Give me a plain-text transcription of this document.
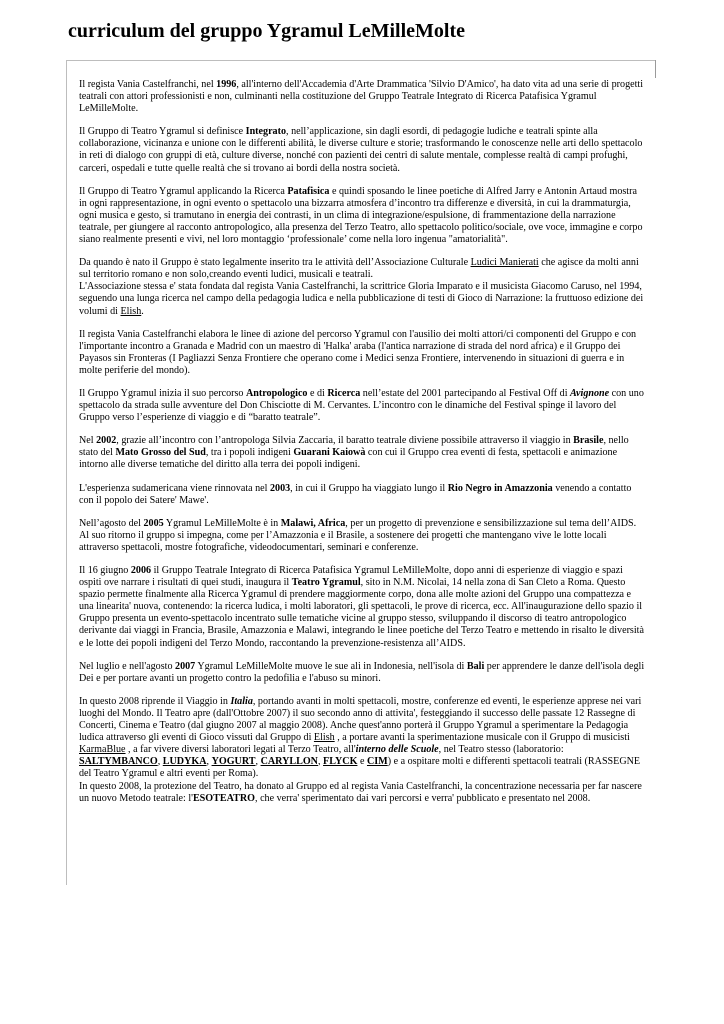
curriculum del gruppo Ygramul LeMilleMolte

Il regista Vania Castelfranchi, nel 1996, all'interno dell'Accademia d'Arte Drammatica 'Silvio D'Amico', ha dato vita ad una serie di progetti teatrali con attori professionisti e non, culminanti nella costituzione del Gruppo Teatrale Integrato di Ricerca Patafisica Ygramul LeMilleMolte.

Il Gruppo di Teatro Ygramul si definisce Integrato, nell’applicazione, sin dagli esordi, di pedagogie ludiche e teatrali spinte alla collaborazione, vicinanza e unione con le differenti abilità, le diverse culture e storie; trasformando le conoscenze nelle arti dello spettacolo in reti di dialogo con gruppi di età, culture diverse, nonché con pazienti dei centri di salute mentale, complesse realtà di campi profughi, carceri, ospedali e tutte quelle realtà che si trovano ai bordi della nostra società.

Il Gruppo di Teatro Ygramul applicando la Ricerca Patafisica e quindi sposando le linee poetiche di Alfred Jarry e Antonin Artaud mostra in ogni rappresentazione, in ogni evento o spettacolo una bizzarra atmosfera d’incontro tra differenze e diversità, in cui la drammaturgia, ogni musica e gesto, si tramutano in energia dei contrasti, in un clima di integrazione/espulsione, di frammentazione della narrazione teatrale, per giungere al racconto antropologico, alla presenza del Terzo Teatro, allo spettacolo politico/sociale, ove voce, immagine e corpo siano realmente presenti e vivi, nel loro montaggio ‘professionale’ come nella loro ingenua "amatorialità".

Da quando è nato il Gruppo è stato legalmente inserito tra le attività dell’Associazione Culturale Ludici Manierati che agisce da molti anni sul territorio romano e non solo,creando eventi ludici, musicali e teatrali.
L'Associazione stessa e' stata fondata dal regista Vania Castelfranchi, la scrittrice Gloria Imparato e il musicista Giacomo Caruso, nel 1994, seguendo una lunga ricerca nel campo della pedagogia ludica e nella pubblicazione di testi di Gioco di Narrazione: la fruttuoso edizione dei volumi di Elish.

Il regista Vania Castelfranchi elabora le linee di azione del percorso Ygramul con l'ausilio dei molti attori/ci componenti del Gruppo e con l'importante incontro a Granada e Madrid con un maestro di 'Halka' araba (l'antica narrazione di strada del nord africa) e il Gruppo dei Payasos sin Fronteras (I Pagliazzi Senza Frontiere che operano come i Medici senza Frontiere, intervenendo in situazioni di guerra e in molte periferie del mondo).

Il Gruppo Ygramul inizia il suo percorso Antropologico e di Ricerca nell’estate del 2001 partecipando al Festival Off di Avignone con uno spettacolo da strada sulle avventure del Don Chisciotte di M. Cervantes. L’incontro con le dinamiche del Festival spinge il lavoro del Gruppo verso l’esperienze di viaggio e di “baratto teatrale”.

Nel 2002, grazie all’incontro con l’antropologa Silvia Zaccaria, il baratto teatrale diviene possibile attraverso il viaggio in Brasile, nello stato del Mato Grosso del Sud, tra i popoli indigeni Guarani Kaiowà con cui il Gruppo crea eventi di festa, spettacoli e animazione intorno alle diverse tematiche del diritto alla terra dei popoli indigeni.

L'esperienza sudamericana viene rinnovata nel 2003, in cui il Gruppo ha viaggiato lungo il Rio Negro in Amazzonia venendo a contatto con il popolo dei Satere' Mawe'.

Nell’agosto del 2005 Ygramul LeMilleMolte è in Malawi, Africa, per un progetto di prevenzione e sensibilizzazione sul tema dell’AIDS. Al suo ritorno il gruppo si impegna, come per l’Amazzonia e il Brasile, a sostenere dei progetti che mantengano vive le lotte locali attraverso spettacoli, mostre fotografiche, videodocumentari, seminari e conferenze.

Il 16 giugno 2006 il Gruppo Teatrale Integrato di Ricerca Patafisica Ygramul LeMilleMolte, dopo anni di esperienze di viaggio e spazi ospiti ove narrare i risultati di quei studi, inaugura il Teatro Ygramul, sito in N.M. Nicolai, 14 nella zona di San Cleto a Roma. Questo spazio permette finalmente alla Ricerca Ygramul di prendere maggiormente corpo, dona alle molte azioni del Gruppo una compattezza e una linearita' nuova, contenendo: la ricerca ludica, i molti laboratori, gli spettacoli, le prove di ricerca, ecc. All'inaugurazione dello spazio il Gruppo presenta un evento-spettacolo incentrato sulle tematiche vicine al gruppo stesso, sviluppando il discorso di teatro antropologico derivante dai viaggi in Francia, Brasile, Amazzonia e Malawi, integrando le linee poetiche del Terzo Teatro e mettendo in risalto le diversità e le lotte dei popoli indigeni del Terzo Mondo, raccontando la prevenzione-resistenza all’AIDS.

Nel luglio e nell'agosto 2007 Ygramul LeMilleMolte muove le sue ali in Indonesia, nell'isola di Bali per apprendere le danze dell'isola degli Dei e per portare avanti un progetto contro la pedofilia e l'abuso su minori.

In questo 2008 riprende il Viaggio in Italia, portando avanti in molti spettacoli, mostre, conferenze ed eventi, le esperienze apprese nei vari luoghi del Mondo. Il Teatro apre (dall'Ottobre 2007) il suo secondo anno di attivita', festeggiando il successo delle passate 12 Rassegne di Concerti, Cinema e Teatro (dal giugno 2007 al maggio 2008). Anche quest'anno porterà il Gruppo Ygramul a sperimentare la Pedagogia ludica attraverso gli eventi di Gioco vissuti dal Gruppo di Elish , a portare avanti la sperimentazione musicale con il Gruppo di musicisti KarmaBlue , a far vivere diversi laboratori legati al Terzo Teatro, all'interno delle Scuole, nel Teatro stesso (laboratorio: SALTYMBANCO, LUDYKA, YOGURT, CARYLLON, FLYCK e CIM) e a ospitare molti e differenti spettacoli teatrali (RASSEGNE del Teatro Ygramul e altri eventi per Roma).
In questo 2008, la protezione del Teatro, ha donato al Gruppo ed al regista Vania Castelfranchi, la concentrazione necessaria per far nascere un nuovo Metodo teatrale: l'ESOTEATRO, che verra' sperimentato dai vari percorsi e verra' pubblicato e presentato nel 2008.
